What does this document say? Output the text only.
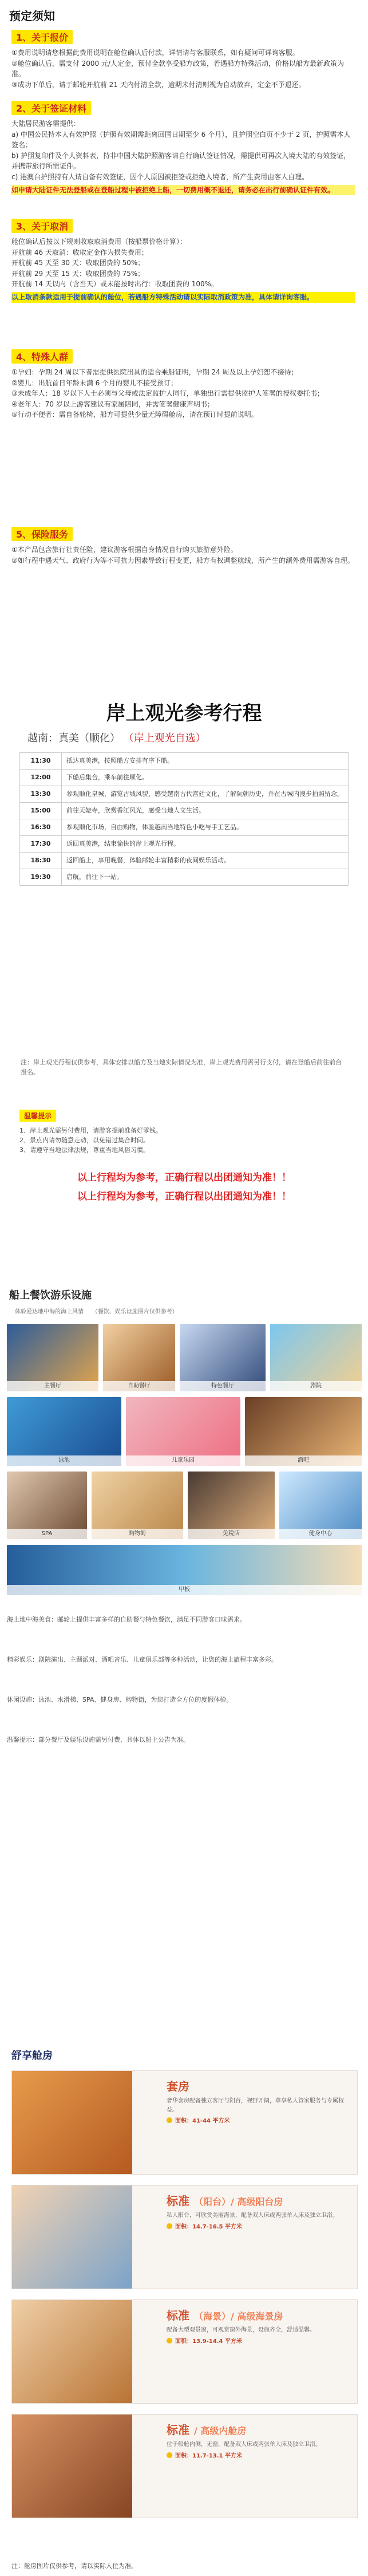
预定须知
1、关于报价

①费用说明请您根据此费用说明在舱位确认后付款，详情请与客服联系，如有疑问可详询客服。

②舱位确认后，需支付 2000 元/人定金，预付全款享受船方政策，若遇船方特殊活动，价格以船方最新政策为准。

③成功下单后，请于邮轮开航前 21 天内付清全款，逾期未付清则视为自动放弃，定金不予退还。

2、关于签证材料

大陆居民游客需提供：

a) 中国公民持本人有效护照（护照有效期需距离回国日期至少 6 个月），且护照空白页不少于 2 页，护照需本人签名；

b) 护照复印件及个人资料表，持非中国大陆护照游客请自行确认签证情况，需提供可再次入境大陆的有效签证，并携带旅行所需证件。

c) 港澳台护照持有人请自备有效签证，因个人原因被拒签或拒绝入境者，所产生费用由客人自理。

如申请大陆证件无法登船或在登船过程中被拒绝上船，一切费用概不退还，请务必在出行前确认证件有效。

3、关于取消

舱位确认后按以下规则收取取消费用（按船票价格计算）：

开航前 46 天取消：收取定金作为损失费用；

开航前 45 天至 30 天：收取团费的 50%；

开航前 29 天至 15 天：收取团费的 75%；

开航前 14 天以内（含当天）或未能按时出行：收取团费的 100%。

以上取消条款适用于提前确认的舱位，若遇船方特殊活动请以实际取消政策为准，具体请详询客服。

4、特殊人群

①孕妇：孕期 24 周以下者需提供医院出具的适合乘船证明，孕期 24 周及以上孕妇恕不接待；

②婴儿：出航首日年龄未满 6 个月的婴儿不接受预订；

③未成年人：18 岁以下人士必须与父母或法定监护人同行，单独出行需提供监护人签署的授权委托书；

④老年人：70 岁以上游客建议有家属陪同，并需签署健康声明书；

⑤行动不便者：需自备轮椅，船方可提供少量无障碍舱房，请在预订时提前说明。

5、保险服务

①本产品包含旅行社责任险，建议游客根据自身情况自行购买旅游意外险。

②如行程中遇天气、政府行为等不可抗力因素导致行程变更，船方有权调整航线，所产生的额外费用需游客自理。

岸上观光参考行程
越南：真美（顺化） （岸上观光自选）
11:30	抵达真美港，按照船方安排有序下船。
12:00	下船后集合，乘车前往顺化。
13:30	参观顺化皇城，游览古城风貌，感受越南古代宫廷文化，了解阮朝历史，并在古城内漫步拍照留念。
15:00	前往天姥寺，欣赏香江风光，感受当地人文生活。
16:30	参观顺化市场，自由购物，体验越南当地特色小吃与手工艺品。
17:30	返回真美港，结束愉快的岸上观光行程。
18:30	返回船上，享用晚餐，体验邮轮丰富精彩的夜间娱乐活动。
19:30	启航，前往下一站。
注：岸上观光行程仅供参考，具体安排以船方及当地实际情况为准，岸上观光费用需另行支付，请在登船后前往前台报名。
温馨提示
1、岸上观光需另付费用，请游客提前准备好零钱。
2、景点内请勿随意走动，以免错过集合时间。
3、请遵守当地法律法规，尊重当地风俗习惯。
以上行程均为参考，正确行程以出团通知为准！！
以上行程均为参考，正确行程以出团通知为准！！
船上餐饮游乐设施
体验爱达地中海的海上风情 （餐饮、娱乐设施图片仅供参考）
主餐厅	自助餐厅	特色餐厅	剧院
泳池	儿童乐园	酒吧
SPA	购物街	免税店	健身中心
甲板
海上地中海美食：邮轮上提供丰富多样的自助餐与特色餐饮，满足不同游客口味需求。
精彩娱乐：剧院演出、主题派对、酒吧音乐、儿童俱乐部等多种活动，让您的海上旅程丰富多彩。
休闲设施：泳池、水滑梯、SPA、健身房、购物街，为您打造全方位的度假体验。
温馨提示：部分餐厅及娱乐设施需另付费，具体以船上公告为准。
舒享舱房
套房
奢华套房配备独立客厅与阳台，视野开阔，尊享私人管家服务与专属权益。
面积：41-44 平方米
标准 （阳台）/ 高级阳台房
私人阳台，可欣赏美丽海景，配备双人床或两张单人床及独立卫浴。
面积：14.7-16.5 平方米
标准 （海景）/ 高级海景房
配备大型观景窗，可观赏窗外海景，设施齐全，舒适温馨。
面积：13.9-14.4 平方米
标准 / 高级内舱房
位于船舱内侧，无窗，配备双人床或两张单人床及独立卫浴。
面积：11.7-13.1 平方米
注：舱房图片仅供参考，请以实际入住为准。
